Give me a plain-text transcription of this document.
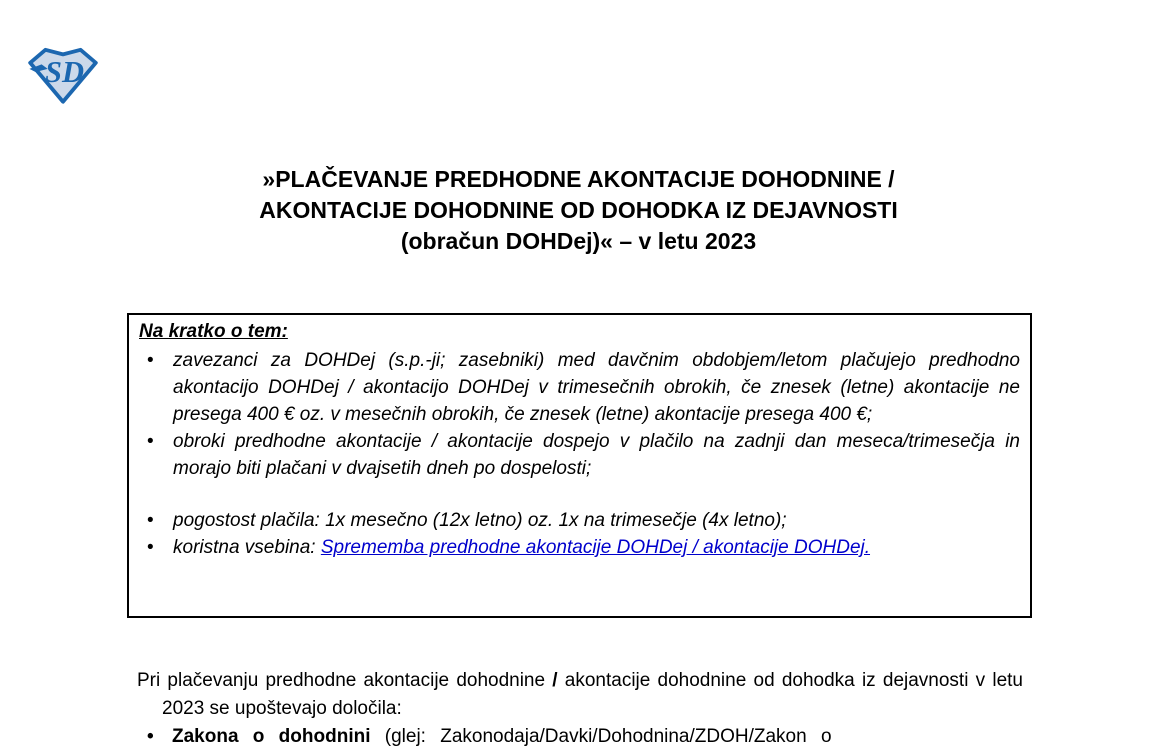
SD
»PLAČEVANJE PREDHODNE AKONTACIJE DOHODNINE /
AKONTACIJE DOHODNINE OD DOHODKA IZ DEJAVNOSTI
(obračun DOHDej)« – v letu 2023
Na kratko o tem:
• zavezanci za DOHDej (s.p.-ji; zasebniki) med davčnim obdobjem/letom plačujejo predhodno akontacijo DOHDej / akontacijo DOHDej v trimesečnih obrokih, če znesek (letne) akontacije ne presega 400 € oz. v mesečnih obrokih, če znesek (letne) akontacije presega 400 €;
• obroki predhodne akontacije / akontacije dospejo v plačilo na zadnji dan meseca/trimesečja in morajo biti plačani v dvajsetih dneh po dospelosti;
• pogostost plačila: 1x mesečno (12x letno) oz. 1x na trimesečje (4x letno);
• koristna vsebina: Sprememba predhodne akontacije DOHDej / akontacije DOHDej.

Pri plačevanju predhodne akontacije dohodnine / akontacije dohodnine od dohodka iz dejavnosti v letu 2023 se upoštevajo določila:

• Zakona o dohodnini (glej: Zakonodaja/Davki/Dohodnina/ZDOH/Zakon o
